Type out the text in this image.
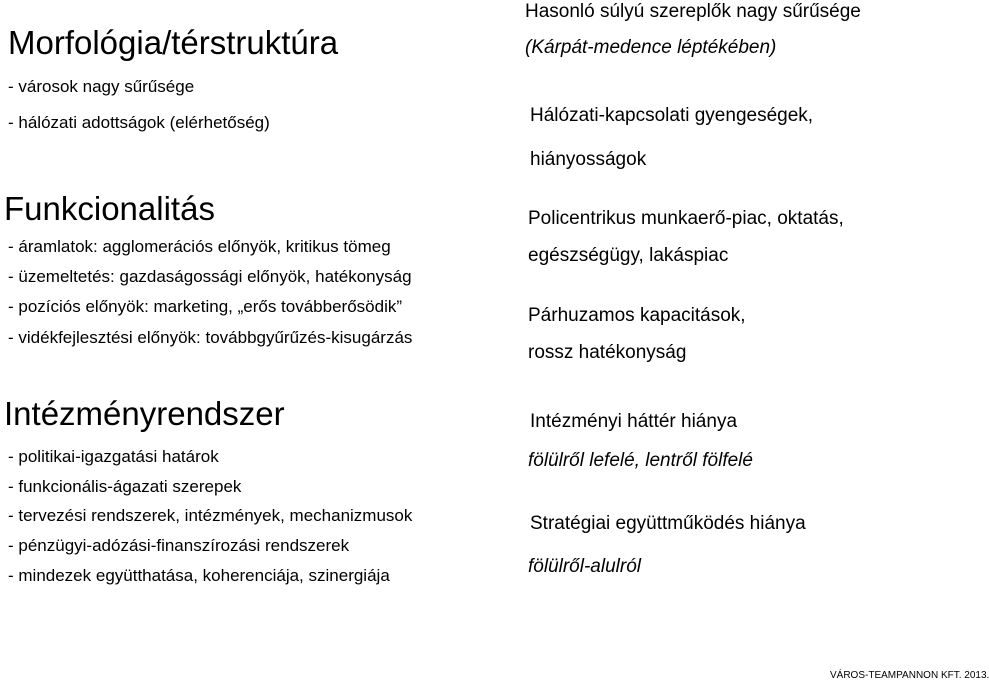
Morfológia/térstruktúra
- városok nagy sűrűsége
- hálózati adottságok (elérhetőség)
Funkcionalitás
- áramlatok: agglomerációs előnyök, kritikus tömeg
- üzemeltetés: gazdaságossági előnyök, hatékonyság
- pozíciós előnyök: marketing, „erős továbberősödik”
- vidékfejlesztési előnyök: továbbgyűrűzés-kisugárzás
Intézményrendszer
- politikai-igazgatási határok
- funkcionális-ágazati szerepek
- tervezési rendszerek, intézmények, mechanizmusok
- pénzügyi-adózási-finanszírozási rendszerek
- mindezek együtthatása, koherenciája, szinergiája
Hasonló súlyú szereplők nagy sűrűsége
(Kárpát-medence léptékében)
Hálózati-kapcsolati gyengeségek,
hiányosságok
Policentrikus munkaerő-piac, oktatás,
egészségügy, lakáspiac
Párhuzamos kapacitások,
rossz hatékonyság
Intézményi háttér hiánya
fölülről lefelé, lentről fölfelé
Stratégiai együttműködés hiánya
fölülről-alulról
VÁROS-TEAMPANNON KFT. 2013.
